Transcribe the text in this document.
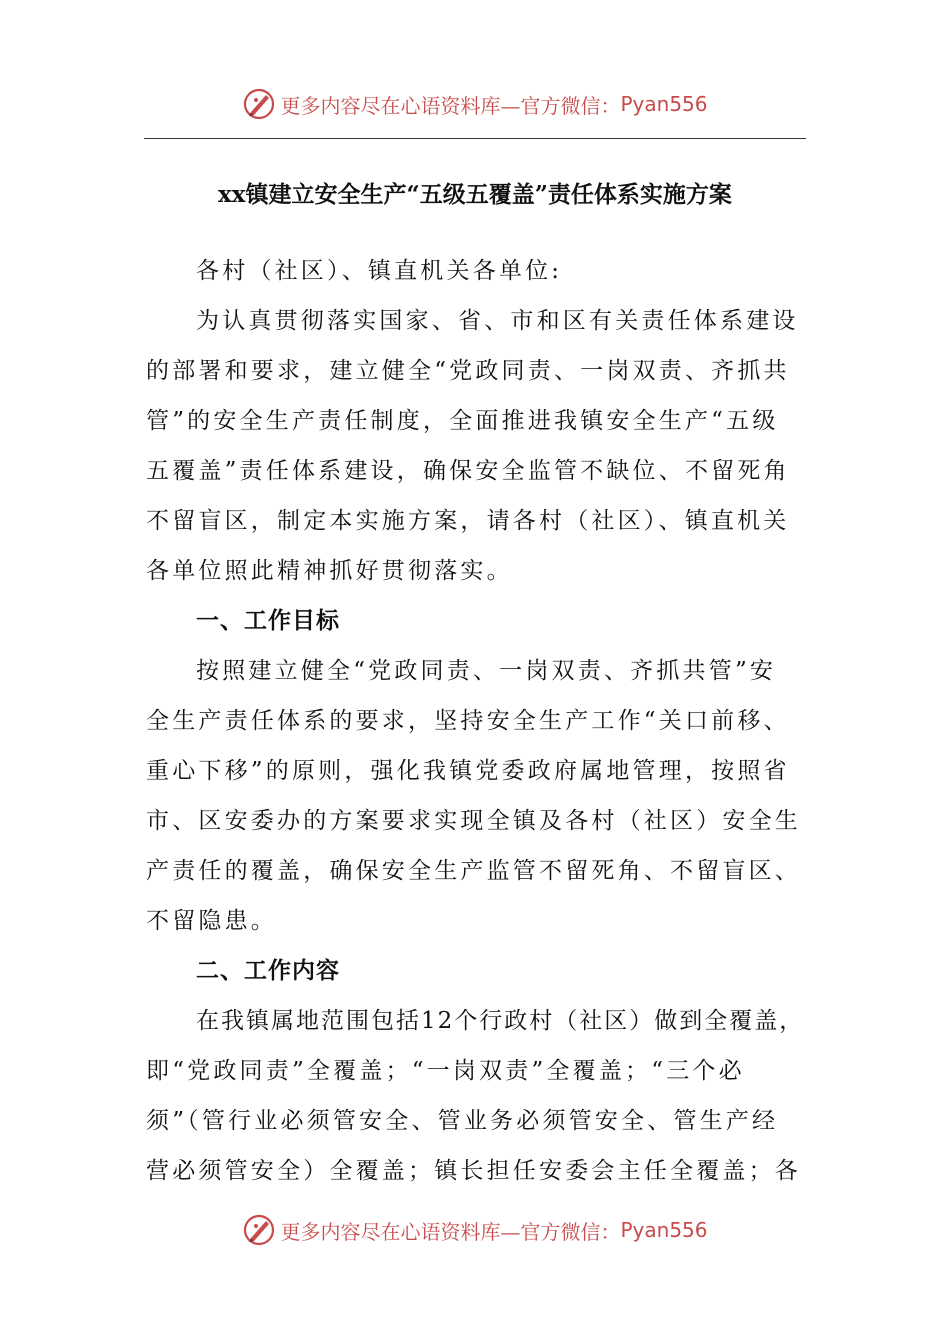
更多内容尽在心语资料库—官方微信： Pyan556
xx镇建立安全生产“五级五覆盖”责任体系实施方案
各村（社区）、镇直机关各单位:
为认真贯彻落实国家、省、市和区有关责任体系建设
的部署和要求，建立健全“党政同责、一岗双责、齐抓共
管”的安全生产责任制度，全面推进我镇安全生产“五级
五覆盖”责任体系建设，确保安全监管不缺位、不留死角
不留盲区，制定本实施方案，请各村（社区）、镇直机关
各单位照此精神抓好贯彻落实。
一、工作目标
按照建立健全“党政同责、一岗双责、齐抓共管”安
全生产责任体系的要求，坚持安全生产工作“关口前移、
重心下移”的原则，强化我镇党委政府属地管理，按照省
市、区安委办的方案要求实现全镇及各村（社区）安全生
产责任的覆盖，确保安全生产监管不留死角、不留盲区、
不留隐患。
二、工作内容
在我镇属地范围包括12个行政村（社区）做到全覆盖，
即“党政同责”全覆盖；“一岗双责”全覆盖；“三个必
须”（管行业必须管安全、管业务必须管安全、管生产经
营必须管安全）全覆盖；镇长担任安委会主任全覆盖；各
更多内容尽在心语资料库—官方微信： Pyan556
